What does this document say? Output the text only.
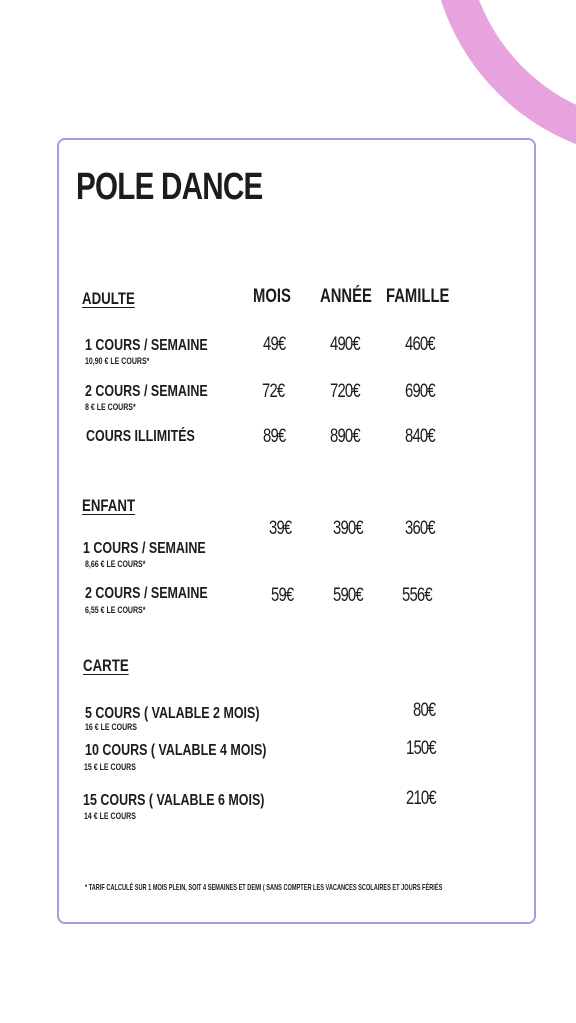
POLE DANCE
MOIS ANNÉE FAMILLE
ADULTE
1 COURS / SEMAINE
10,90 € LE COURS*
49€ 490€ 460€
2 COURS / SEMAINE
8 € LE COURS*
72€ 720€ 690€
COURS ILLIMITÉS	89€ 890€ 840€
ENFANT
1 COURS / SEMAINE
8,66 € LE COURS*
39€ 390€ 360€
2 COURS / SEMAINE
6,55 € LE COURS*
59€ 590€ 556€
CARTE
5 COURS ( VALABLE 2 MOIS)
16 € LE COURS
80€
10 COURS ( VALABLE 4 MOIS)
15 € LE COURS
150€
15 COURS ( VALABLE 6 MOIS)
14 € LE COURS
210€
* TARIF CALCULÉ SUR 1 MOIS PLEIN, SOIT 4 SEMAINES ET DEMI ( SANS COMPTER LES VACANCES SCOLAIRES ET JOURS FÉRIÉS
